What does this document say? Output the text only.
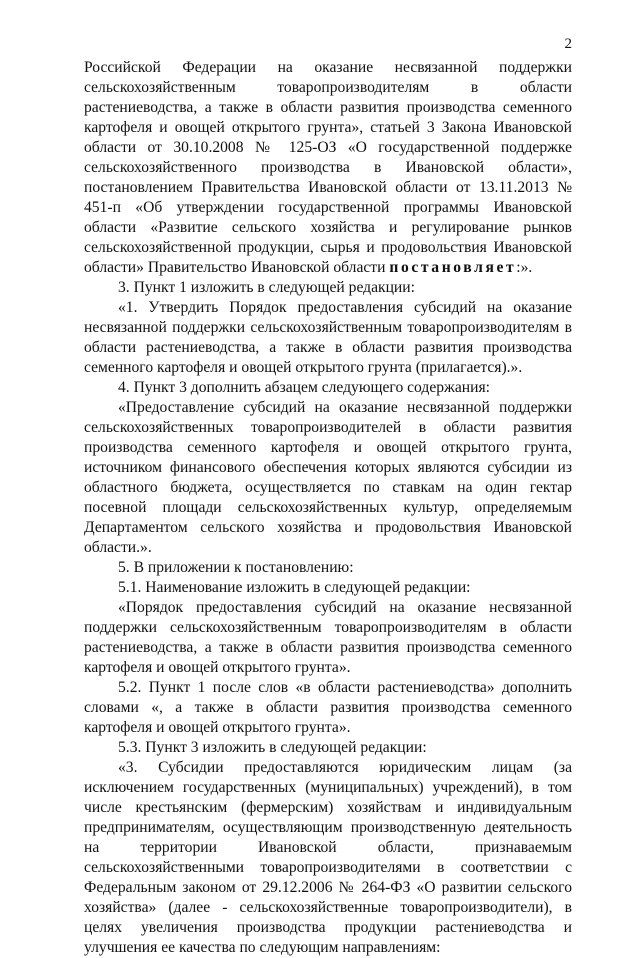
2

Российской Федерации на оказание несвязанной поддержки сельскохозяйственным товаропроизводителям в области растениеводства, а также в области развития производства семенного картофеля и овощей открытого грунта», статьей 3 Закона Ивановской области от 30.10.2008 № 125-ОЗ «О государственной поддержке сельскохозяйственного производства в Ивановской области», постановлением Правительства Ивановской области от 13.11.2013 № 451-п «Об утверждении государственной программы Ивановской области «Развитие сельского хозяйства и регулирование рынков сельскохозяйственной продукции, сырья и продовольствия Ивановской области» Правительство Ивановской области постановляет:».

3. Пункт 1 изложить в следующей редакции:

«1. Утвердить Порядок предоставления субсидий на оказание несвязанной поддержки сельскохозяйственным товаропроизводителям в области растениеводства, а также в области развития производства семенного картофеля и овощей открытого грунта (прилагается).».

4. Пункт 3 дополнить абзацем следующего содержания:

«Предоставление субсидий на оказание несвязанной поддержки сельскохозяйственных товаропроизводителей в области развития производства семенного картофеля и овощей открытого грунта, источником финансового обеспечения которых являются субсидии из областного бюджета, осуществляется по ставкам на один гектар посевной площади сельскохозяйственных культур, определяемым Департаментом сельского хозяйства и продовольствия Ивановской области.».

5. В приложении к постановлению:

5.1. Наименование изложить в следующей редакции:

«Порядок предоставления субсидий на оказание несвязанной поддержки сельскохозяйственным товаропроизводителям в области растениеводства, а также в области развития производства семенного картофеля и овощей открытого грунта».

5.2. Пункт 1 после слов «в области растениеводства» дополнить словами «, а также в области развития производства семенного картофеля и овощей открытого грунта».

5.3. Пункт 3 изложить в следующей редакции:

«3. Субсидии предоставляются юридическим лицам (за исключением государственных (муниципальных) учреждений), в том числе крестьянским (фермерским) хозяйствам и индивидуальным предпринимателям, осуществляющим производственную деятельность на территории Ивановской области, признаваемым сельскохозяйственными товаропроизводителями в соответствии с Федеральным законом от 29.12.2006 № 264-ФЗ «О развитии сельского хозяйства» (далее - сельскохозяйственные товаропроизводители), в целях увеличения производства продукции растениеводства и улучшения ее качества по следующим направлениям:
